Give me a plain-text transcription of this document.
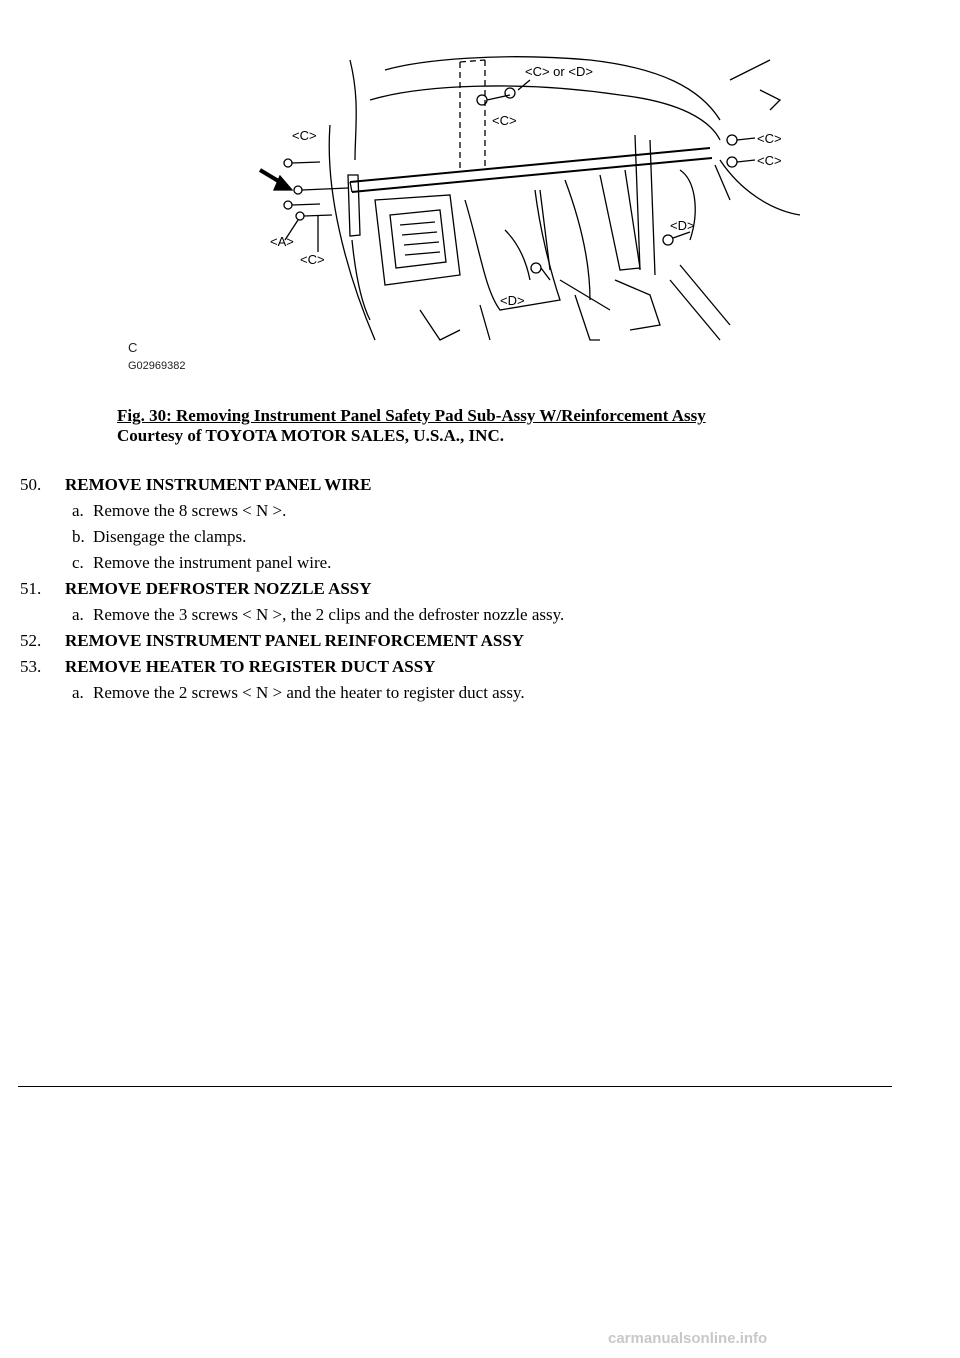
<C> or <D>
<C>
<C>
<C>
<C>
<A>
<C>
<D>
<D>
C
G02969382
Fig. 30: Removing Instrument Panel Safety Pad Sub-Assy W/Reinforcement Assy
Courtesy of TOYOTA MOTOR SALES, U.S.A., INC.
50. REMOVE INSTRUMENT PANEL WIRE
a. Remove the 8 screws < N >.
b. Disengage the clamps.
c. Remove the instrument panel wire.
51. REMOVE DEFROSTER NOZZLE ASSY
a. Remove the 3 screws < N >, the 2 clips and the defroster nozzle assy.
52. REMOVE INSTRUMENT PANEL REINFORCEMENT ASSY
53. REMOVE HEATER TO REGISTER DUCT ASSY
a. Remove the 2 screws < N > and the heater to register duct assy.
carmanualsonline.info
